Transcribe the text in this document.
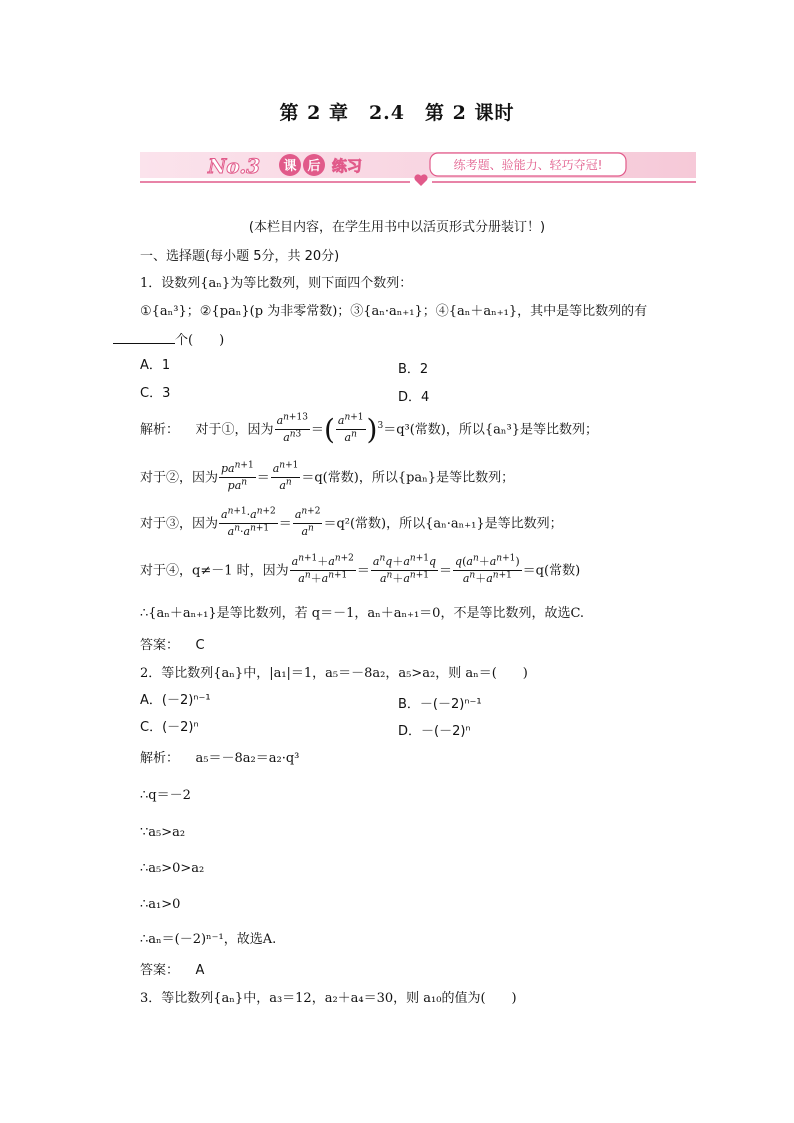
第 2 章　2.4　第 2 课时
No.3 课 后 练习	练考题、验能力、轻巧夺冠!
(本栏目内容，在学生用书中以活页形式分册装订！)
一、选择题(每小题 5分，共 20分)
1．设数列{aₙ}为等比数列，则下面四个数列：
①{aₙ³}；②{paₙ}(p 为非零常数)；③{aₙ·aₙ₊₁}；④{aₙ＋aₙ₊₁}，其中是等比数列的有
个(　　)
A．1	B．2
C．3	D．4
解析： 对于①，因为 $\frac{a^{n+13}}{a^{n3}}$ ＝( $\frac{a^{n+1}}{a^n} )^3=q^3$(常数)，所以{aₙ³}是等比数列；
对于②，因为 $\frac{pa^{n+1}}{pa^n} = \frac{a^{n+1}}{a^n} =q$(常数)，所以{paₙ}是等比数列；
对于③，因为 $\frac{a^{n+1}\cdot a^{n+2}}{a^n\cdot a^{n+1}} = \frac{a^{n+2}}{a^n} =q^2$(常数)，所以{aₙ·aₙ₊₁}是等比数列；
对于④，q≠－1 时，因为 $\frac{a^{n+1}+a^{n+2}}{a^n+a^{n+1}} = \frac{a^nq+a^{n+1}q}{a^n+a^{n+1}} = \frac{q(a^n+a^{n+1})}{a^n+a^{n+1}} =q$(常数)
∴{aₙ＋aₙ₊₁}是等比数列，若 q＝－1，aₙ＋aₙ₊₁＝0，不是等比数列，故选C.
答案： C
2．等比数列{aₙ}中，|a₁|＝1，a₅＝－8a₂，a₅>a₂，则 aₙ＝(　　)
A．(－2)ⁿ⁻¹	B．－(－2)ⁿ⁻¹
C．(－2)ⁿ	D．－(－2)ⁿ
解析： a₅＝－8a₂＝a₂·q³
∴q＝－2
∵a₅>a₂
∴a₅>0>a₂
∴a₁>0
∴aₙ＝(－2)ⁿ⁻¹，故选A.
答案： A
3．等比数列{aₙ}中，a₃＝12，a₂＋a₄＝30，则 a₁₀的值为(　　)
